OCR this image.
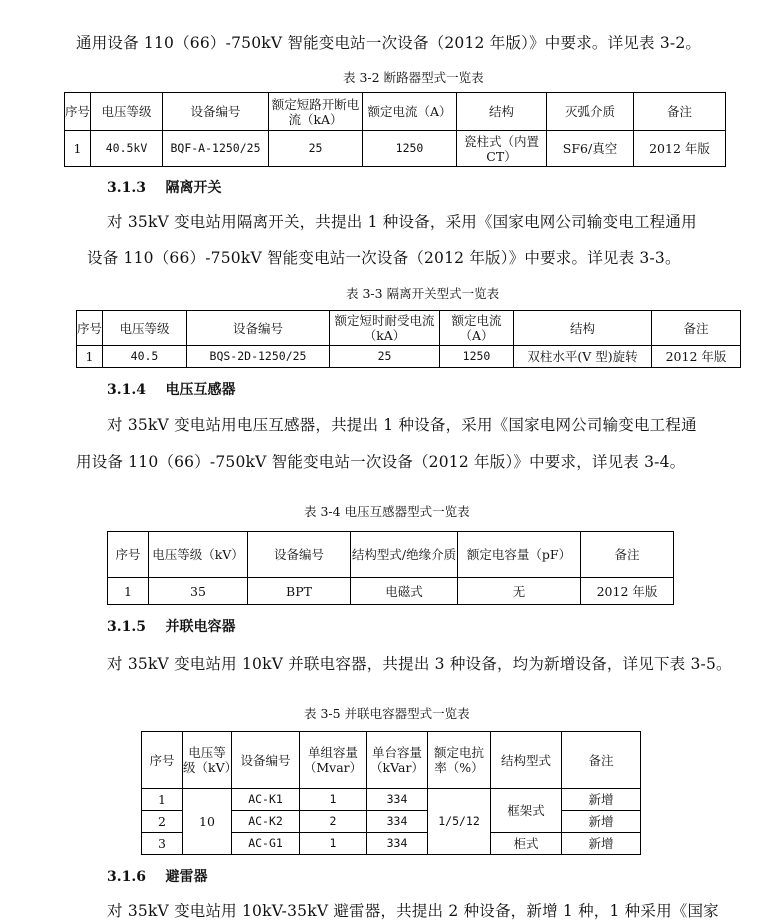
通用设备 110（66）-750kV 智能变电站一次设备（2012 年版）》中要求。详见表 3-2。
表 3-2 断路器型式一览表
序号	电压等级	设备编号	额定短路开断电流（kA）	额定电流（A）	结构	灭弧介质	备注
1	40.5kV	BQF-A-1250/25	25	1250	瓷柱式（内置CT）	SF6/真空	2012 年版
3.1.3 隔离开关
对 35kV 变电站用隔离开关，共提出 1 种设备，采用《国家电网公司输变电工程通用
设备 110（66）-750kV 智能变电站一次设备（2012 年版）》中要求。详见表 3-3。
表 3-3 隔离开关型式一览表
序号	电压等级	设备编号	额定短时耐受电流（kA）	额定电流（A）	结构	备注
1	40.5	BQS-2D-1250/25	25	1250	双柱水平(V 型)旋转	2012 年版
3.1.4 电压互感器
对 35kV 变电站用电压互感器，共提出 1 种设备，采用《国家电网公司输变电工程通
用设备 110（66）-750kV 智能变电站一次设备（2012 年版）》中要求，详见表 3-4。
表 3-4 电压互感器型式一览表
序号	电压等级（kV）	设备编号	结构型式/绝缘介质	额定电容量（pF）	备注
1	35	BPT	电磁式	无	2012 年版
3.1.5 并联电容器
对 35kV 变电站用 10kV 并联电容器，共提出 3 种设备，均为新增设备，详见下表 3-5。
表 3-5 并联电容器型式一览表
序号	电压等级（kV）	设备编号	单组容量（Mvar）	单台容量（kVar）	额定电抗率（%）	结构型式	备注
1	10	AC-K1	1	334	1/5/12	框架式	新增
2		AC-K2	2	334			新增
3		AC-G1	1	334		柜式	新增
3.1.6 避雷器
对 35kV 变电站用 10kV-35kV 避雷器，共提出 2 种设备，新增 1 种，1 种采用《国家
